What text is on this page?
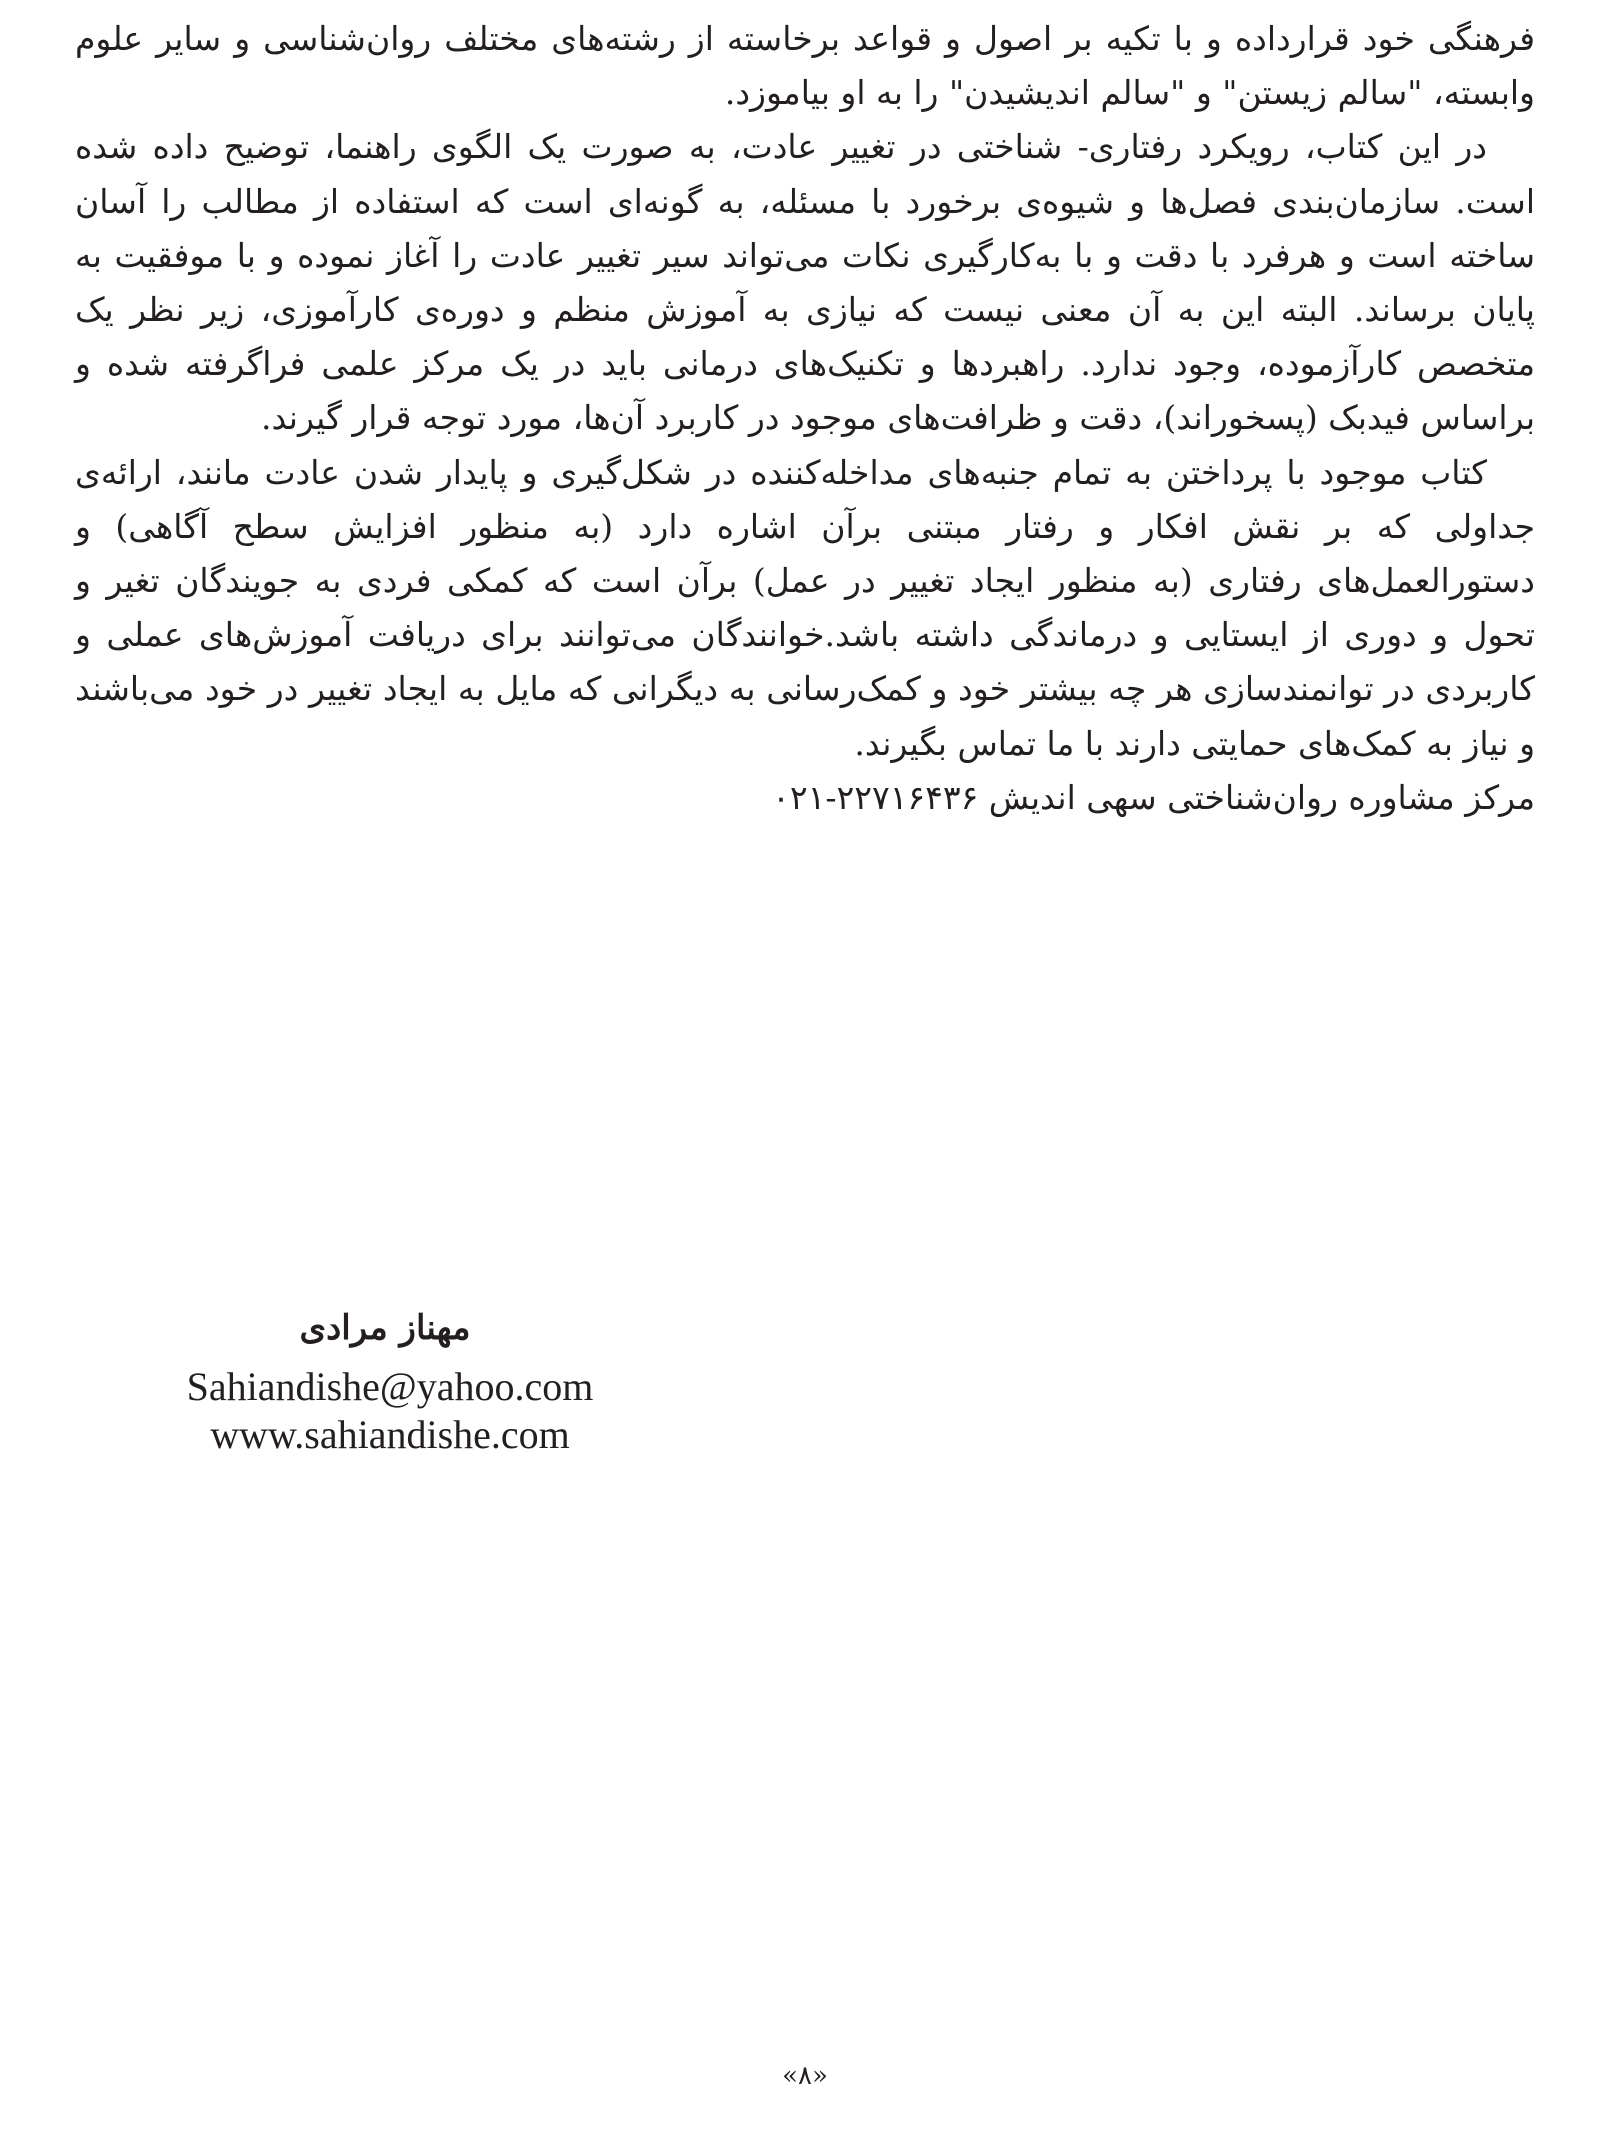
فرهنگی خود قرارداده و با تکیه بر اصول و قواعد برخاسته از رشته‌های مختلف روان‌شناسی و سایر علوم وابسته، "سالم زیستن" و "سالم اندیشیدن" را به او بیاموزد.

در این کتاب، رویکرد رفتاری- شناختی در تغییر عادت، به صورت یک الگوی راهنما، توضیح داده شده است. سازمان‌بندی فصل‌ها و شیوه‌ی برخورد با مسئله، به گونه‌ای است که استفاده از مطالب را آسان ساخته است و هرفرد با دقت و با به‌کارگیری نکات می‌تواند سیر تغییر عادت را آغاز نموده و با موفقیت به پایان برساند. البته این به آن معنی نیست که نیازی به آموزش منظم و دوره‌ی کارآموزی، زیر نظر یک متخصص کارآزموده، وجود ندارد. راهبردها و تکنیک‌های درمانی باید در یک مرکز علمی فراگرفته شده و براساس فیدبک (پسخوراند)، دقت و ظرافت‌های موجود در کاربرد آن‌ها، مورد توجه قرار گیرند.

کتاب موجود با پرداختن به تمام جنبه‌های مداخله‌کننده در شکل‌گیری و پایدار شدن عادت مانند، ارائه‌ی جداولی که بر نقش افکار و رفتار مبتنی برآن اشاره دارد (به منظور افزایش سطح آگاهی) و دستورالعمل‌های رفتاری (به منظور ایجاد تغییر در عمل) برآن است که کمکی فردی به جویندگان تغیر و تحول و دوری از ایستایی و درماندگی داشته باشد.خوانندگان می‌توانند برای دریافت آموزش‌های عملی و کاربردی در توانمندسازی هر چه بیشتر خود و کمک‌رسانی به دیگرانی که مایل به ایجاد تغییر در خود می‌باشند و نیاز به کمک‌های حمایتی دارند با ما تماس بگیرند.

مرکز مشاوره روان‌شناختی سهی اندیش ۲۲۷۱۶۴۳۶-۰۲۱

مهناز مرادی
Sahiandishe@yahoo.com
www.sahiandishe.com
«۸»
